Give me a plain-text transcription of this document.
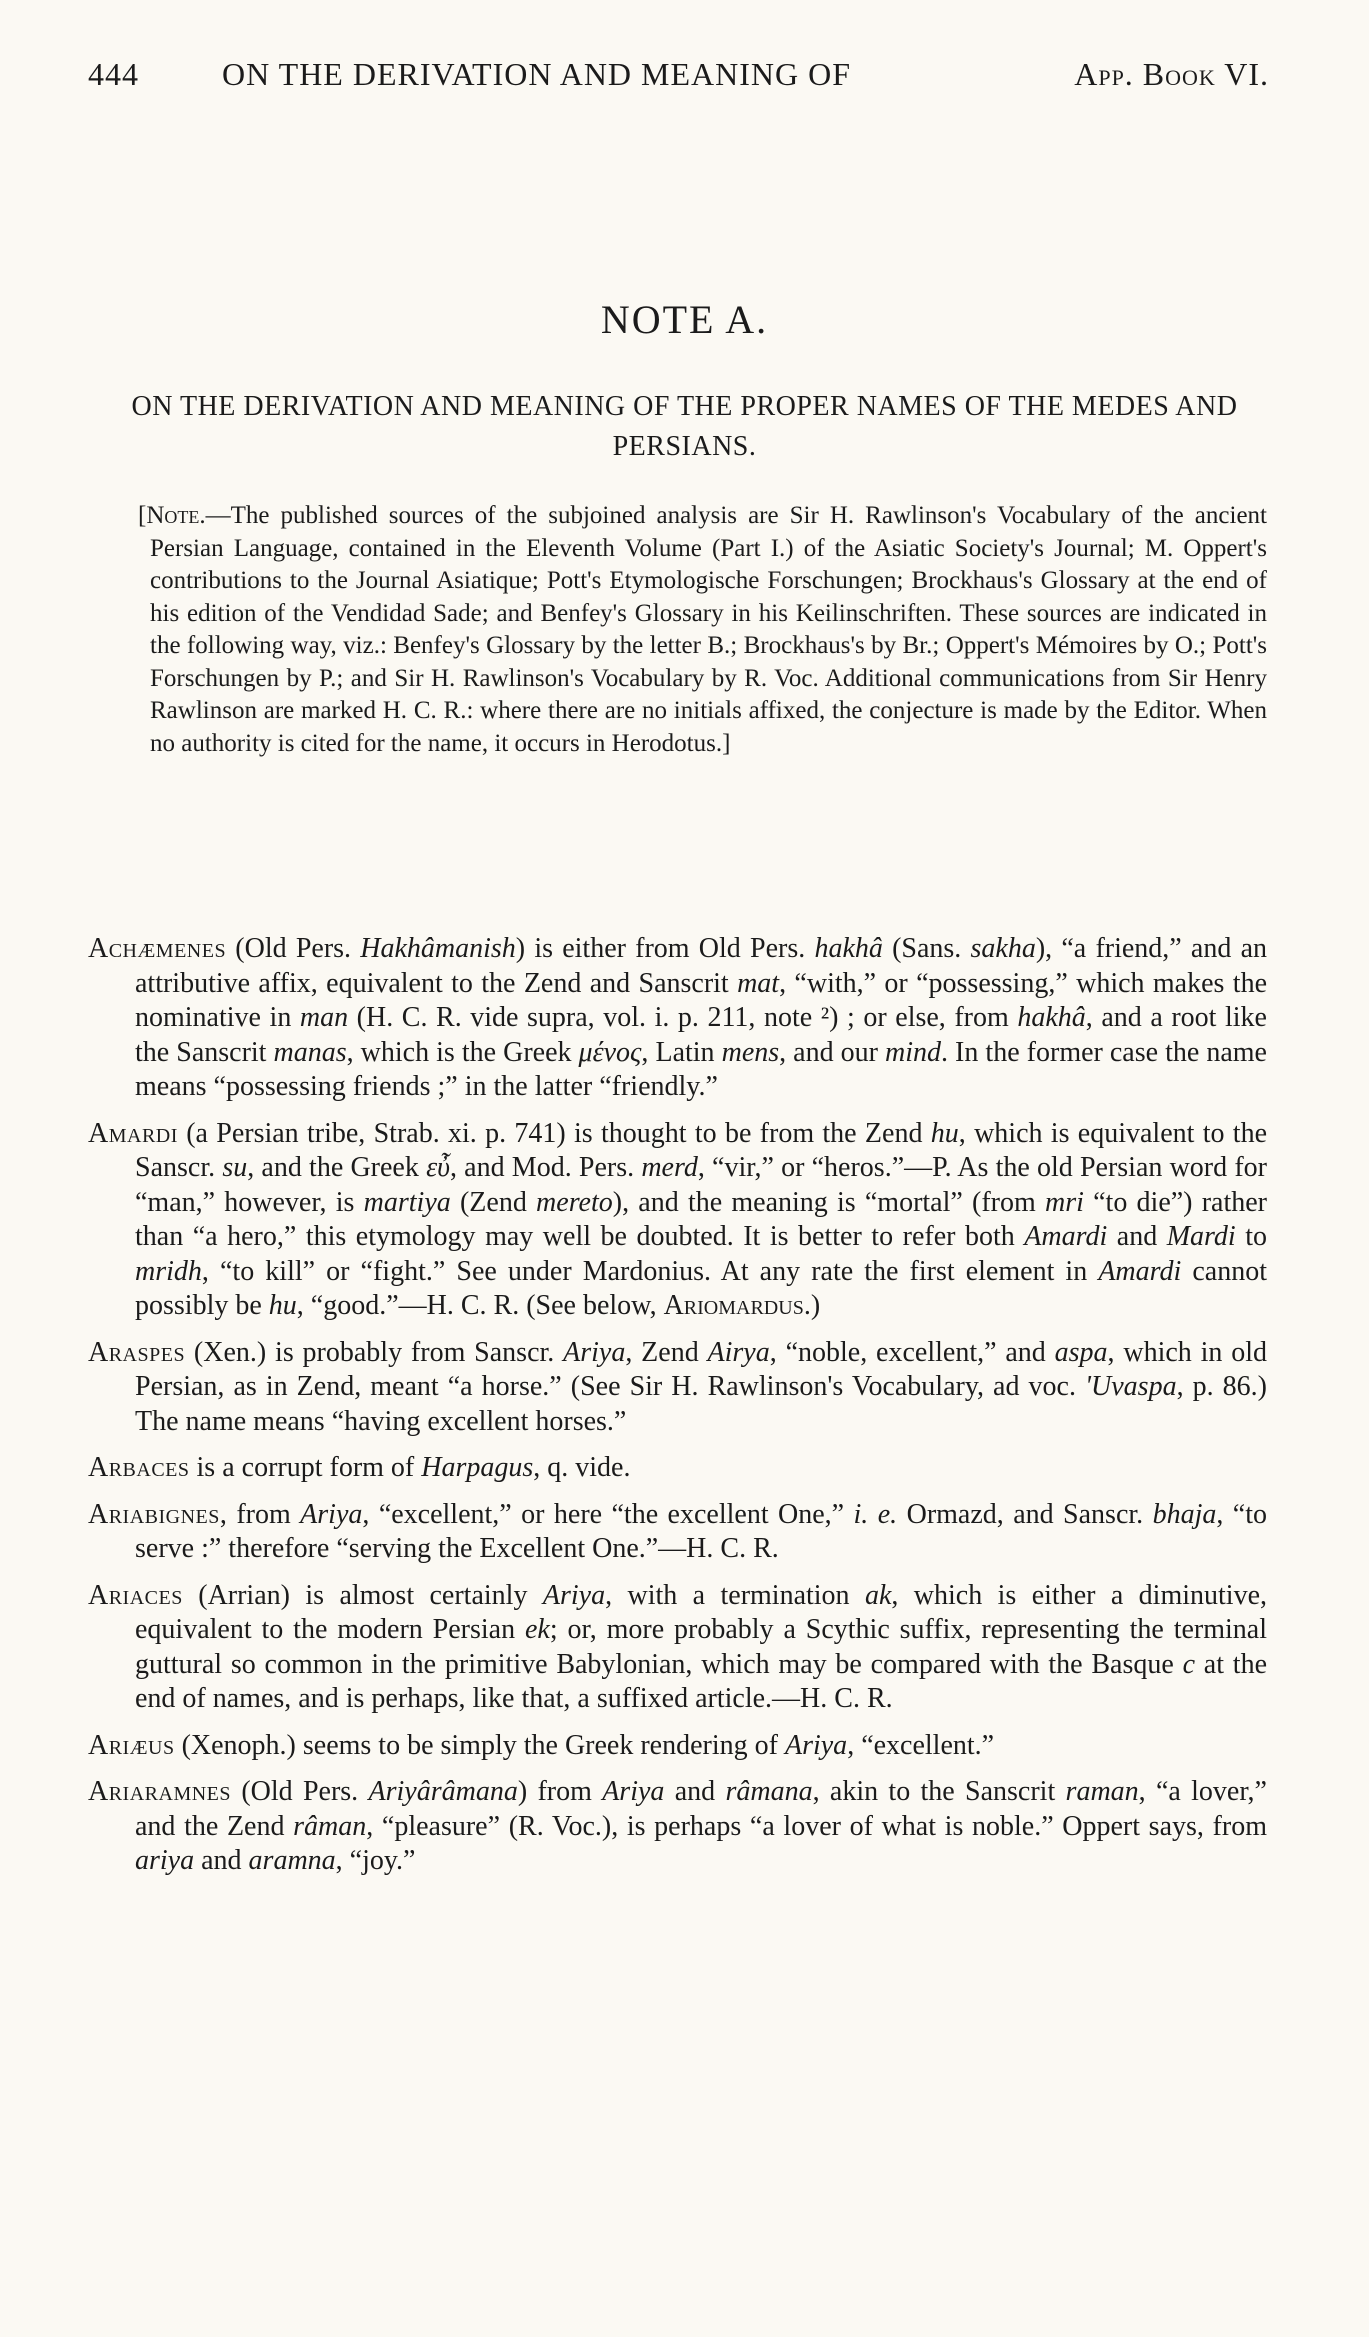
444	ON THE DERIVATION AND MEANING OF	App. Book VI.
NOTE A.
ON THE DERIVATION AND MEANING OF THE PROPER NAMES OF THE MEDES AND PERSIANS.
[Note.—The published sources of the subjoined analysis are Sir H. Rawlinson's Vocabulary of the ancient Persian Language, contained in the Eleventh Volume (Part I.) of the Asiatic Society's Journal; M. Oppert's contributions to the Journal Asiatique; Pott's Etymologische Forschungen; Brockhaus's Glossary at the end of his edition of the Vendidad Sade; and Benfey's Glossary in his Keilinschriften. These sources are indicated in the following way, viz.: Benfey's Glossary by the letter B.; Brockhaus's by Br.; Oppert's Mémoires by O.; Pott's Forschungen by P.; and Sir H. Rawlinson's Vocabulary by R. Voc. Additional communications from Sir Henry Rawlinson are marked H. C. R.: where there are no initials affixed, the conjecture is made by the Editor. When no authority is cited for the name, it occurs in Herodotus.]

Achæmenes (Old Pers. Hakhâmanish) is either from Old Pers. hakhâ (Sans. sakha), “a friend,” and an attributive affix, equivalent to the Zend and Sanscrit mat, “with,” or “possessing,” which makes the nominative in man (H. C. R. vide supra, vol. i. p. 211, note ²) ; or else, from hakhâ, and a root like the Sanscrit manas, which is the Greek μένος, Latin mens, and our mind. In the former case the name means “possessing friends ;” in the latter “friendly.”

Amardi (a Persian tribe, Strab. xi. p. 741) is thought to be from the Zend hu, which is equivalent to the Sanscr. su, and the Greek εὖ, and Mod. Pers. merd, “vir,” or “heros.”—P. As the old Persian word for “man,” however, is martiya (Zend mereto), and the meaning is “mortal” (from mri “to die”) rather than “a hero,” this etymology may well be doubted. It is better to refer both Amardi and Mardi to mridh, “to kill” or “fight.” See under Mardonius. At any rate the first element in Amardi cannot possibly be hu, “good.”—H. C. R. (See below, Ariomardus.)

Araspes (Xen.) is probably from Sanscr. Ariya, Zend Airya, “noble, excellent,” and aspa, which in old Persian, as in Zend, meant “a horse.” (See Sir H. Rawlinson's Vocabulary, ad voc. 'Uvaspa, p. 86.) The name means “having excellent horses.”

Arbaces is a corrupt form of Harpagus, q. vide.

Ariabignes, from Ariya, “excellent,” or here “the excellent One,” i. e. Ormazd, and Sanscr. bhaja, “to serve :” therefore “serving the Excellent One.”—H. C. R.

Ariaces (Arrian) is almost certainly Ariya, with a termination ak, which is either a diminutive, equivalent to the modern Persian ek; or, more probably a Scythic suffix, representing the terminal guttural so common in the primitive Babylonian, which may be compared with the Basque c at the end of names, and is perhaps, like that, a suffixed article.—H. C. R.

Ariæus (Xenoph.) seems to be simply the Greek rendering of Ariya, “excellent.”

Ariaramnes (Old Pers. Ariyârâmana) from Ariya and râmana, akin to the Sanscrit raman, “a lover,” and the Zend râman, “pleasure” (R. Voc.), is perhaps “a lover of what is noble.” Oppert says, from ariya and aramna, “joy.”
